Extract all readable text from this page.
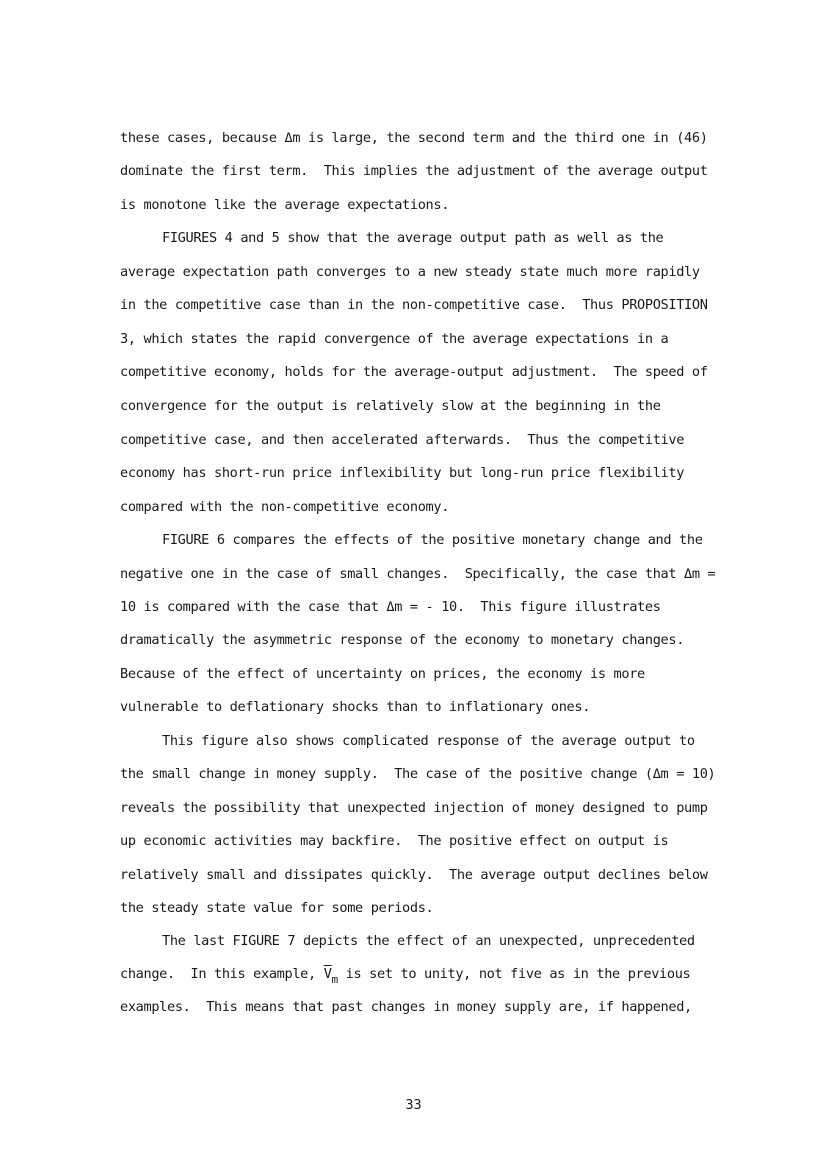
these cases, because Δm is large, the second term and the third one in (46)
dominate the first term.  This implies the adjustment of the average output
is monotone like the average expectations.
FIGURES 4 and 5 show that the average output path as well as the
average expectation path converges to a new steady state much more rapidly
in the competitive case than in the non-competitive case.  Thus PROPOSITION
3, which states the rapid convergence of the average expectations in a
competitive economy, holds for the average-output adjustment.  The speed of
convergence for the output is relatively slow at the beginning in the
competitive case, and then accelerated afterwards.  Thus the competitive
economy has short-run price inflexibility but long-run price flexibility
compared with the non-competitive economy.
FIGURE 6 compares the effects of the positive monetary change and the
negative one in the case of small changes.  Specifically, the case that Δm =
10 is compared with the case that Δm = - 10.  This figure illustrates
dramatically the asymmetric response of the economy to monetary changes.
Because of the effect of uncertainty on prices, the economy is more
vulnerable to deflationary shocks than to inflationary ones.
This figure also shows complicated response of the average output to
the small change in money supply.  The case of the positive change (Δm = 10)
reveals the possibility that unexpected injection of money designed to pump
up economic activities may backfire.  The positive effect on output is
relatively small and dissipates quickly.  The average output declines below
the steady state value for some periods.
The last FIGURE 7 depicts the effect of an unexpected, unprecedented
change.  In this example, $\overline{V}_m$ is set to unity, not five as in the previous
examples.  This means that past changes in money supply are, if happened,
33
